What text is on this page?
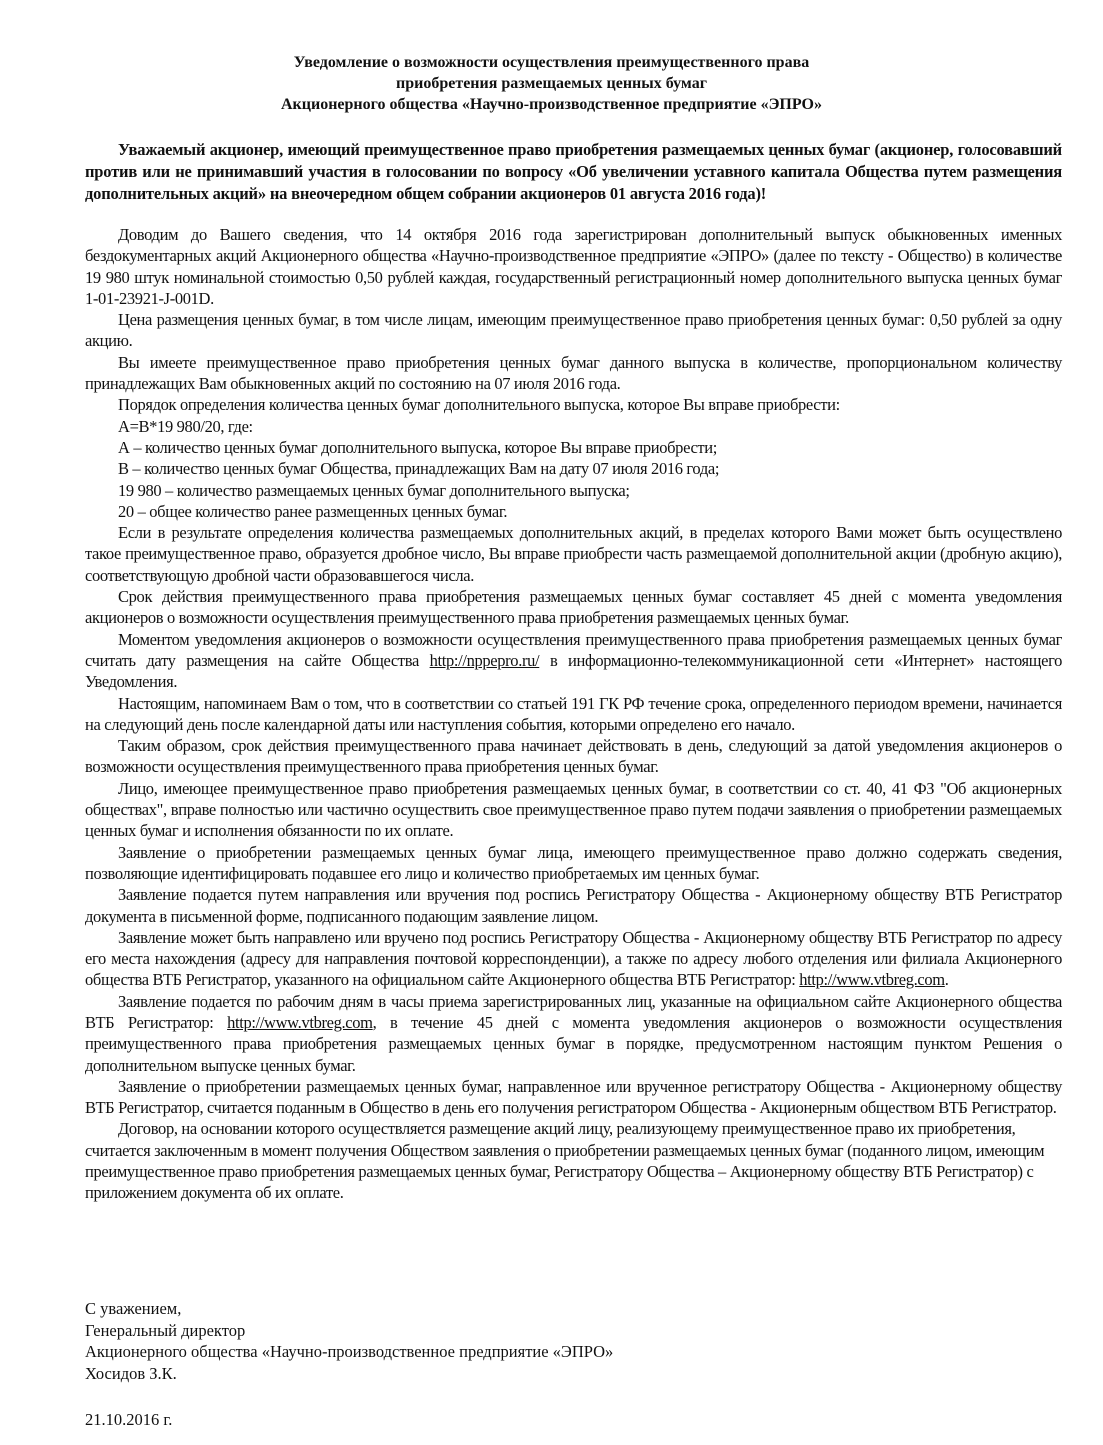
Уведомление о возможности осуществления преимущественного права
приобретения размещаемых ценных бумаг
Акционерного общества «Научно-производственное предприятие «ЭПРО»
Уважаемый акционер, имеющий преимущественное право приобретения размещаемых ценных бумаг (акционер, голосовавший против или не принимавший участия в голосовании по вопросу «Об увеличении уставного капитала Общества путем размещения дополнительных акций» на внеочередном общем собрании акционеров 01 августа 2016 года)!

Доводим до Вашего сведения, что 14 октября 2016 года зарегистрирован дополнительный выпуск обыкновенных именных бездокументарных акций Акционерного общества «Научно-производственное предприятие «ЭПРО» (далее по тексту - Общество) в количестве 19 980 штук номинальной стоимостью 0,50 рублей каждая, государственный регистрационный номер дополнительного выпуска ценных бумаг 1-01-23921-J-001D.

Цена размещения ценных бумаг, в том числе лицам, имеющим преимущественное право приобретения ценных бумаг: 0,50 рублей за одну акцию.

Вы имеете преимущественное право приобретения ценных бумаг данного выпуска в количестве, пропорциональном количеству принадлежащих Вам обыкновенных акций по состоянию на 07 июля 2016 года.

Порядок определения количества ценных бумаг дополнительного выпуска, которое Вы вправе приобрести:

А=В*19 980/20, где:

А – количество ценных бумаг дополнительного выпуска, которое Вы вправе приобрести;

В – количество ценных бумаг Общества, принадлежащих Вам на дату 07 июля 2016 года;

19 980 – количество размещаемых ценных бумаг дополнительного выпуска;

20 – общее количество ранее размещенных ценных бумаг.

Если в результате определения количества размещаемых дополнительных акций, в пределах которого Вами может быть осуществлено такое преимущественное право, образуется дробное число, Вы вправе приобрести часть размещаемой дополнительной акции (дробную акцию), соответствующую дробной части образовавшегося числа.

Срок действия преимущественного права приобретения размещаемых ценных бумаг составляет 45 дней с момента уведомления акционеров о возможности осуществления преимущественного права приобретения размещаемых ценных бумаг.

Моментом уведомления акционеров о возможности осуществления преимущественного права приобретения размещаемых ценных бумаг считать дату размещения на сайте Общества http://nppepro.ru/ в информационно-телекоммуникационной сети «Интернет» настоящего Уведомления.

Настоящим, напоминаем Вам о том, что в соответствии со статьей 191 ГК РФ течение срока, определенного периодом времени, начинается на следующий день после календарной даты или наступления события, которыми определено его начало.

Таким образом, срок действия преимущественного права начинает действовать в день, следующий за датой уведомления акционеров о возможности осуществления преимущественного права приобретения ценных бумаг.

Лицо, имеющее преимущественное право приобретения размещаемых ценных бумаг, в соответствии со ст. 40, 41 ФЗ "Об акционерных обществах", вправе полностью или частично осуществить свое преимущественное право путем подачи заявления о приобретении размещаемых ценных бумаг и исполнения обязанности по их оплате.

Заявление о приобретении размещаемых ценных бумаг лица, имеющего преимущественное право должно содержать сведения, позволяющие идентифицировать подавшее его лицо и количество приобретаемых им ценных бумаг.

Заявление подается путем направления или вручения под роспись Регистратору Общества - Акционерному обществу ВТБ Регистратор документа в письменной форме, подписанного подающим заявление лицом.

Заявление может быть направлено или вручено под роспись Регистратору Общества - Акционерному обществу ВТБ Регистратор по адресу его места нахождения (адресу для направления почтовой корреспонденции), а также по адресу любого отделения или филиала Акционерного общества ВТБ Регистратор, указанного на официальном сайте Акционерного общества ВТБ Регистратор: http://www.vtbreg.com.

Заявление подается по рабочим дням в часы приема зарегистрированных лиц, указанные на официальном сайте Акционерного общества ВТБ Регистратор: http://www.vtbreg.com, в течение 45 дней с момента уведомления акционеров о возможности осуществления преимущественного права приобретения размещаемых ценных бумаг в порядке, предусмотренном настоящим пунктом Решения о дополнительном выпуске ценных бумаг.

Заявление о приобретении размещаемых ценных бумаг, направленное или врученное регистратору Общества - Акционерному обществу ВТБ Регистратор, считается поданным в Общество в день его получения регистратором Общества - Акционерным обществом ВТБ Регистратор.

Договор, на основании которого осуществляется размещение акций лицу, реализующему преимущественное право их приобретения, считается заключенным в момент получения Обществом заявления о приобретении размещаемых ценных бумаг (поданного лицом, имеющим преимущественное право приобретения размещаемых ценных бумаг, Регистратору Общества – Акционерному обществу ВТБ Регистратор) с приложением документа об их оплате.

С уважением,
Генеральный директор
Акционерного общества «Научно-производственное предприятие «ЭПРО»
Хосидов З.К.
21.10.2016 г.
